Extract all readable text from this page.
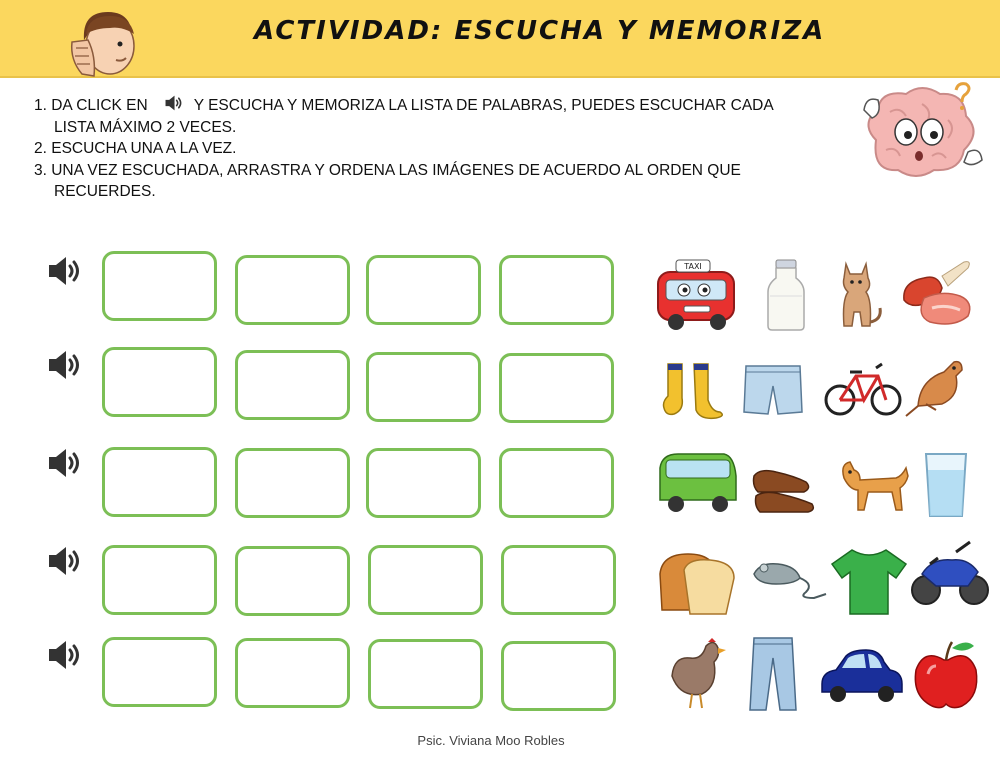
ACTIVIDAD: ESCUCHA Y MEMORIZA
1. DA CLICK EN	Y ESCUCHA Y MEMORIZA LA LISTA DE PALABRAS, PUEDES ESCUCHAR CADA
LISTA MÁXIMO 2 VECES.
2. ESCUCHA UNA A LA VEZ.
3. UNA VEZ ESCUCHADA, ARRASTRA Y ORDENA LAS IMÁGENES DE ACUERDO AL ORDEN QUE
RECUERDES.
TAXI
Psic. Viviana Moo Robles
